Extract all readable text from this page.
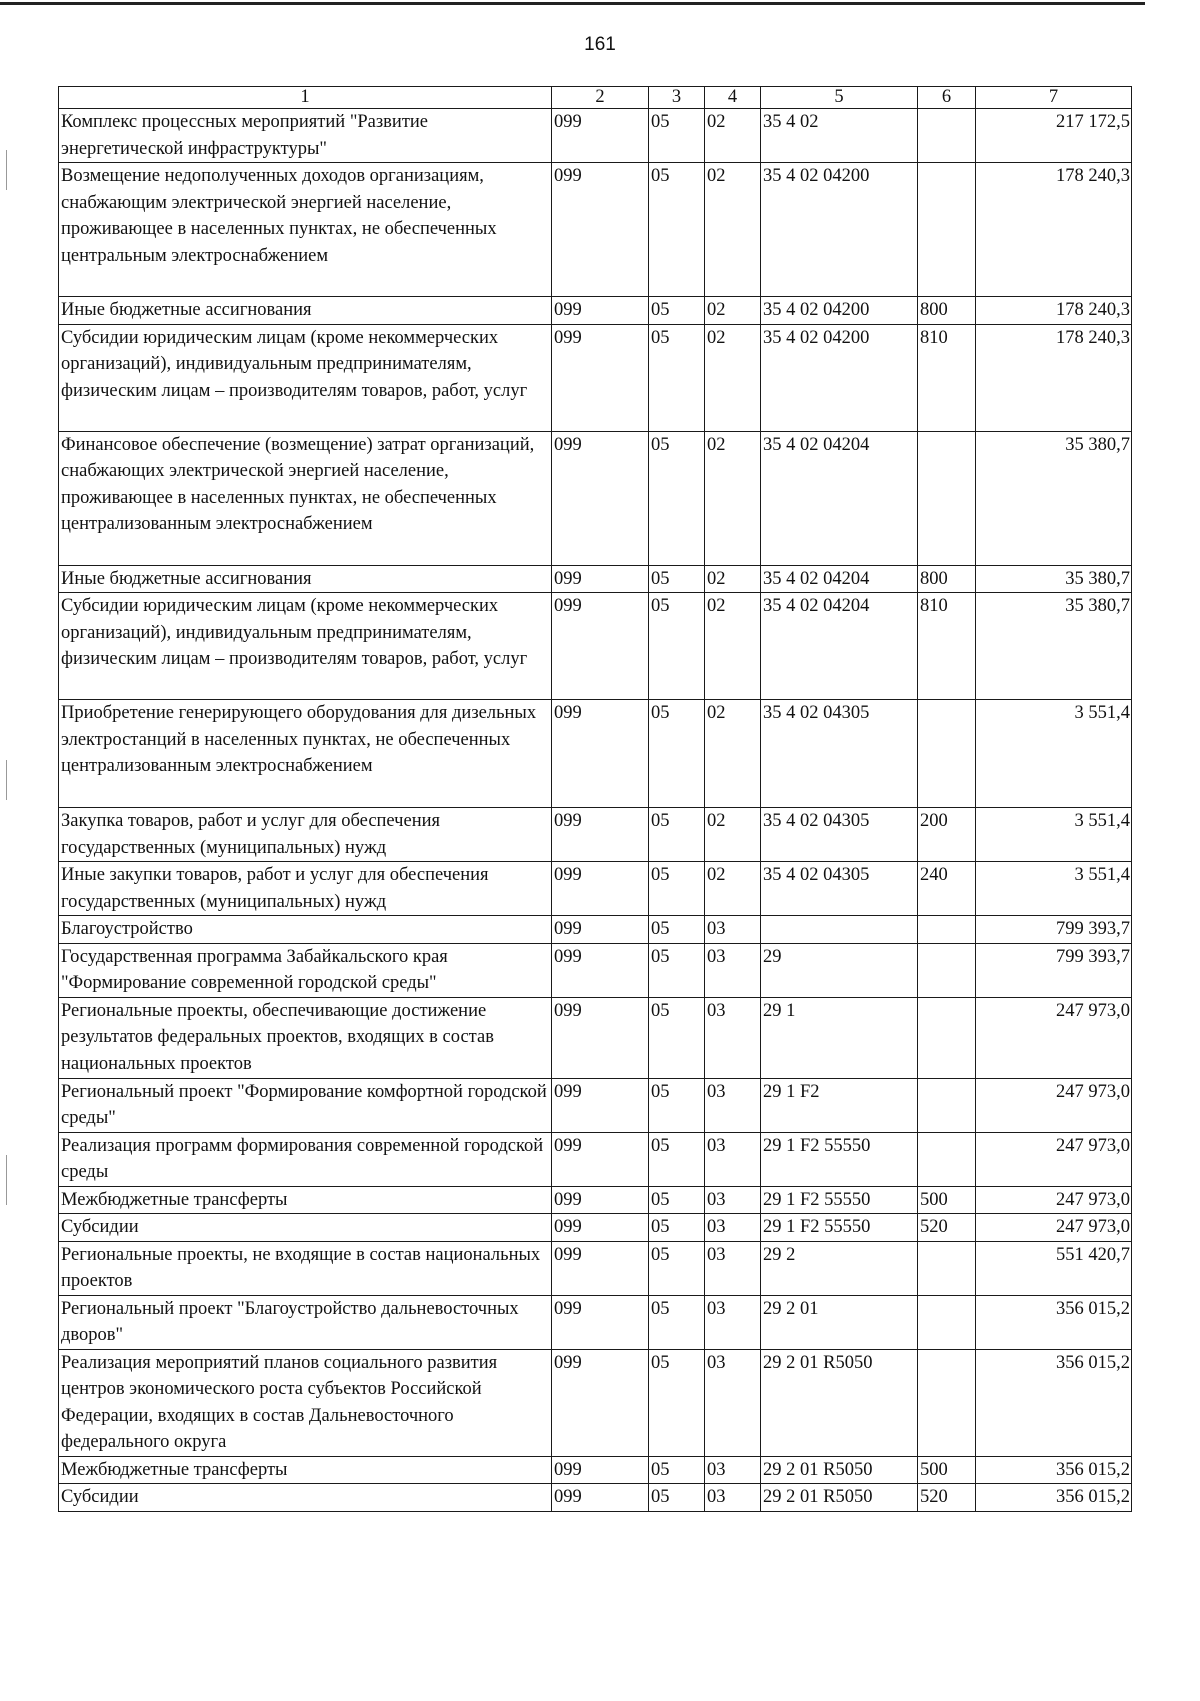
161
1	2	3	4	5	6	7
Комплекс процессных мероприятий "Развитие энергетической инфраструктуры"	099	05	02	35 4 02		217 172,5
Возмещение недополученных доходов организациям, снабжающим электрической энергией население, проживающее в населенных пунктах, не обеспеченных центральным электроснабжением	099	05	02	35 4 02 04200		178 240,3
Иные бюджетные ассигнования	099	05	02	35 4 02 04200	800	178 240,3
Субсидии юридическим лицам (кроме некоммерческих организаций), индивидуальным предпринимателям, физическим лицам – производителям товаров, работ, услуг	099	05	02	35 4 02 04200	810	178 240,3
Финансовое обеспечение (возмещение) затрат организаций, снабжающих электрической энергией население, проживающее в населенных пунктах, не обеспеченных централизованным электроснабжением	099	05	02	35 4 02 04204		35 380,7
Иные бюджетные ассигнования	099	05	02	35 4 02 04204	800	35 380,7
Субсидии юридическим лицам (кроме некоммерческих организаций), индивидуальным предпринимателям, физическим лицам – производителям товаров, работ, услуг	099	05	02	35 4 02 04204	810	35 380,7
Приобретение генерирующего оборудования для дизельных электростанций в населенных пунктах, не обеспеченных централизованным электроснабжением	099	05	02	35 4 02 04305		3 551,4
Закупка товаров, работ и услуг для обеспечения государственных (муниципальных) нужд	099	05	02	35 4 02 04305	200	3 551,4
Иные закупки товаров, работ и услуг для обеспечения государственных (муниципальных) нужд	099	05	02	35 4 02 04305	240	3 551,4
Благоустройство	099	05	03			799 393,7
Государственная программа Забайкальского края "Формирование современной городской среды"	099	05	03	29		799 393,7
Региональные проекты, обеспечивающие достижение результатов федеральных проектов, входящих в состав национальных проектов	099	05	03	29 1		247 973,0
Региональный проект "Формирование комфортной городской среды"	099	05	03	29 1 F2		247 973,0
Реализация программ формирования современной городской среды	099	05	03	29 1 F2 55550		247 973,0
Межбюджетные трансферты	099	05	03	29 1 F2 55550	500	247 973,0
Субсидии	099	05	03	29 1 F2 55550	520	247 973,0
Региональные проекты, не входящие в состав национальных проектов	099	05	03	29 2		551 420,7
Региональный проект "Благоустройство дальневосточных дворов"	099	05	03	29 2 01		356 015,2
Реализация мероприятий планов социального развития центров экономического роста субъектов Российской Федерации, входящих в состав Дальневосточного федерального округа	099	05	03	29 2 01 R5050		356 015,2
Межбюджетные трансферты	099	05	03	29 2 01 R5050	500	356 015,2
Субсидии	099	05	03	29 2 01 R5050	520	356 015,2
